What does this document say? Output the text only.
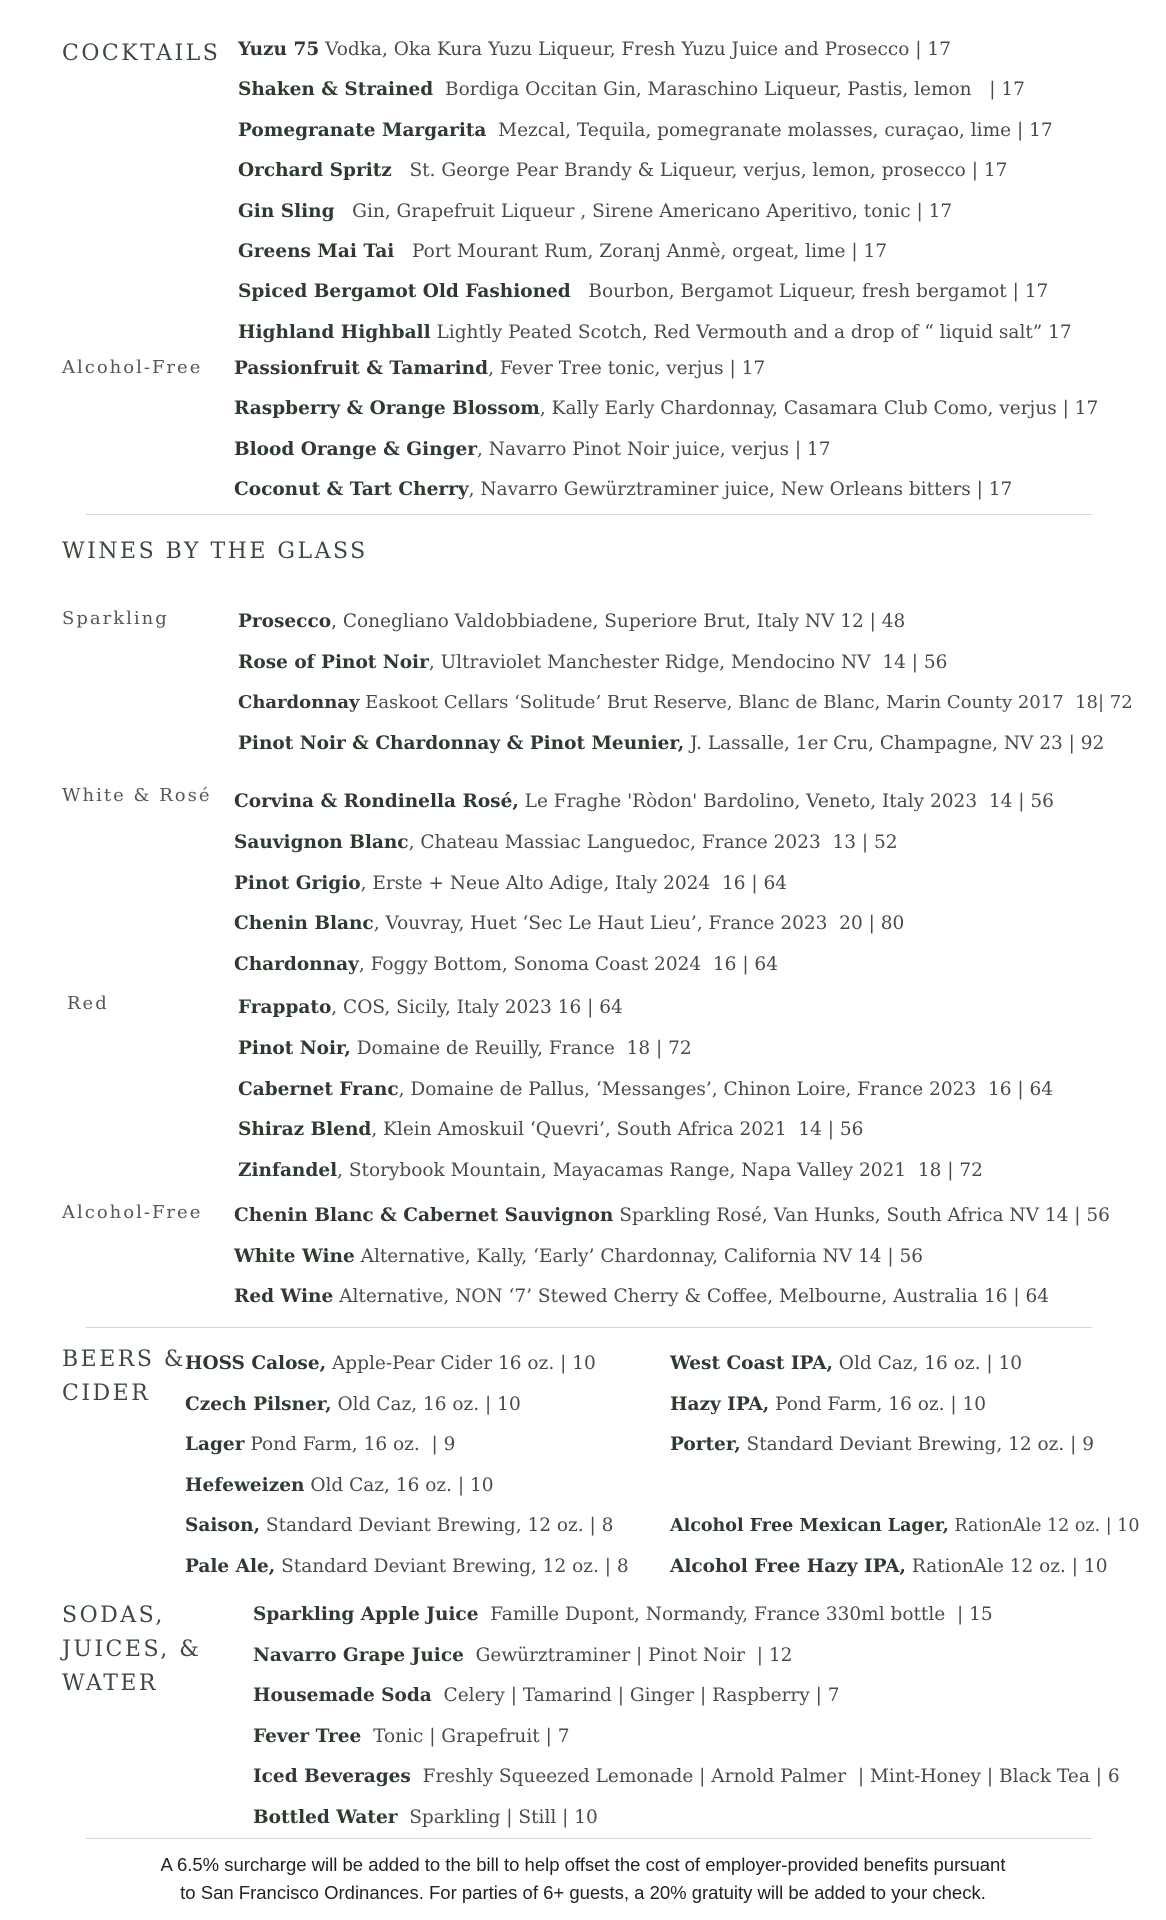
COCKTAILS
Alcohol-Free
WINES BY THE GLASS
Sparkling
White & Rosé
Red
Alcohol-Free
BEERS &
CIDER
SODAS,
JUICES, &
WATER
A 6.5% surcharge will be added to the bill to help offset the cost of employer-provided benefits pursuant
to San Francisco Ordinances. For parties of 6+ guests, a 20% gratuity will be added to your check.
Yuzu 75 Vodka, Oka Kura Yuzu Liqueur, Fresh Yuzu Juice and Prosecco | 17
Shaken & Strained  Bordiga Occitan Gin, Maraschino Liqueur, Pastis, lemon   | 17
Pomegranate Margarita  Mezcal, Tequila, pomegranate molasses, curaçao, lime | 17
Orchard Spritz   St. George Pear Brandy & Liqueur, verjus, lemon, prosecco | 17
Gin Sling   Gin, Grapefruit Liqueur , Sirene Americano Aperitivo, tonic | 17
Greens Mai Tai   Port Mourant Rum, Zoranj Anmè, orgeat, lime | 17
Spiced Bergamot Old Fashioned   Bourbon, Bergamot Liqueur, fresh bergamot | 17
Highland Highball Lightly Peated Scotch, Red Vermouth and a drop of “ liquid salt” 17
Passionfruit & Tamarind, Fever Tree tonic, verjus | 17
Raspberry & Orange Blossom, Kally Early Chardonnay, Casamara Club Como, verjus | 17
Blood Orange & Ginger, Navarro Pinot Noir juice, verjus | 17
Coconut & Tart Cherry, Navarro Gewürztraminer juice, New Orleans bitters | 17
Prosecco, Conegliano Valdobbiadene, Superiore Brut, Italy NV 12 | 48
Rose of Pinot Noir, Ultraviolet Manchester Ridge, Mendocino NV  14 | 56
Chardonnay Easkoot Cellars ‘Solitude’ Brut Reserve, Blanc de Blanc, Marin County 2017  18| 72
Pinot Noir & Chardonnay & Pinot Meunier, J. Lassalle, 1er Cru, Champagne, NV 23 | 92
Corvina & Rondinella Rosé, Le Fraghe 'Ròdon' Bardolino, Veneto, Italy 2023  14 | 56
Sauvignon Blanc, Chateau Massiac Languedoc, France 2023  13 | 52
Pinot Grigio, Erste + Neue Alto Adige, Italy 2024  16 | 64
Chenin Blanc, Vouvray, Huet ‘Sec Le Haut Lieu’, France 2023  20 | 80
Chardonnay, Foggy Bottom, Sonoma Coast 2024  16 | 64
Frappato, COS, Sicily, Italy 2023 16 | 64
Pinot Noir, Domaine de Reuilly, France  18 | 72
Cabernet Franc, Domaine de Pallus, ‘Messanges’, Chinon Loire, France 2023  16 | 64
Shiraz Blend, Klein Amoskuil ‘Quevri’, South Africa 2021  14 | 56
Zinfandel, Storybook Mountain, Mayacamas Range, Napa Valley 2021  18 | 72
Chenin Blanc & Cabernet Sauvignon Sparkling Rosé, Van Hunks, South Africa NV 14 | 56
White Wine Alternative, Kally, ‘Early’ Chardonnay, California NV 14 | 56
Red Wine Alternative, NON ‘7’ Stewed Cherry & Coffee, Melbourne, Australia 16 | 64
HOSS Calose, Apple-Pear Cider 16 oz. | 10
Czech Pilsner, Old Caz, 16 oz. | 10
Lager Pond Farm, 16 oz.  | 9
Hefeweizen Old Caz, 16 oz. | 10
Saison, Standard Deviant Brewing, 12 oz. | 8
Pale Ale, Standard Deviant Brewing, 12 oz. | 8
West Coast IPA, Old Caz, 16 oz. | 10
Hazy IPA, Pond Farm, 16 oz. | 10
Porter, Standard Deviant Brewing, 12 oz. | 9
Alcohol Free Mexican Lager, RationAle 12 oz. | 10
Alcohol Free Hazy IPA, RationAle 12 oz. | 10
Sparkling Apple Juice  Famille Dupont, Normandy, France 330ml bottle  | 15
Navarro Grape Juice  Gewürztraminer | Pinot Noir  | 12
Housemade Soda  Celery | Tamarind | Ginger | Raspberry | 7
Fever Tree  Tonic | Grapefruit | 7
Iced Beverages  Freshly Squeezed Lemonade | Arnold Palmer  | Mint-Honey | Black Tea | 6
Bottled Water  Sparkling | Still | 10
